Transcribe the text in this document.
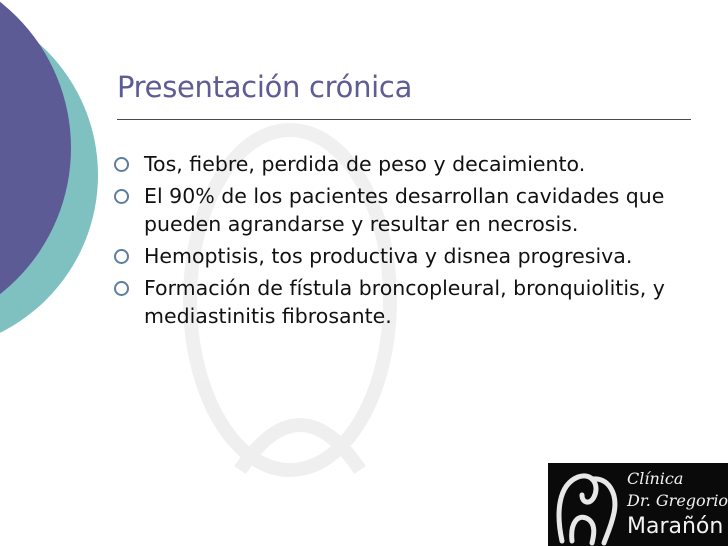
Presentación crónica
Tos, fiebre, perdida de peso y decaimiento.
El 90% de los pacientes desarrollan cavidades que pueden agrandarse y resultar en necrosis.
Hemoptisis, tos productiva y disnea progresiva.
Formación de fístula broncopleural, bronquiolitis, y mediastinitis fibrosante.
Clínica
Dr. Gregorio
Marañón
